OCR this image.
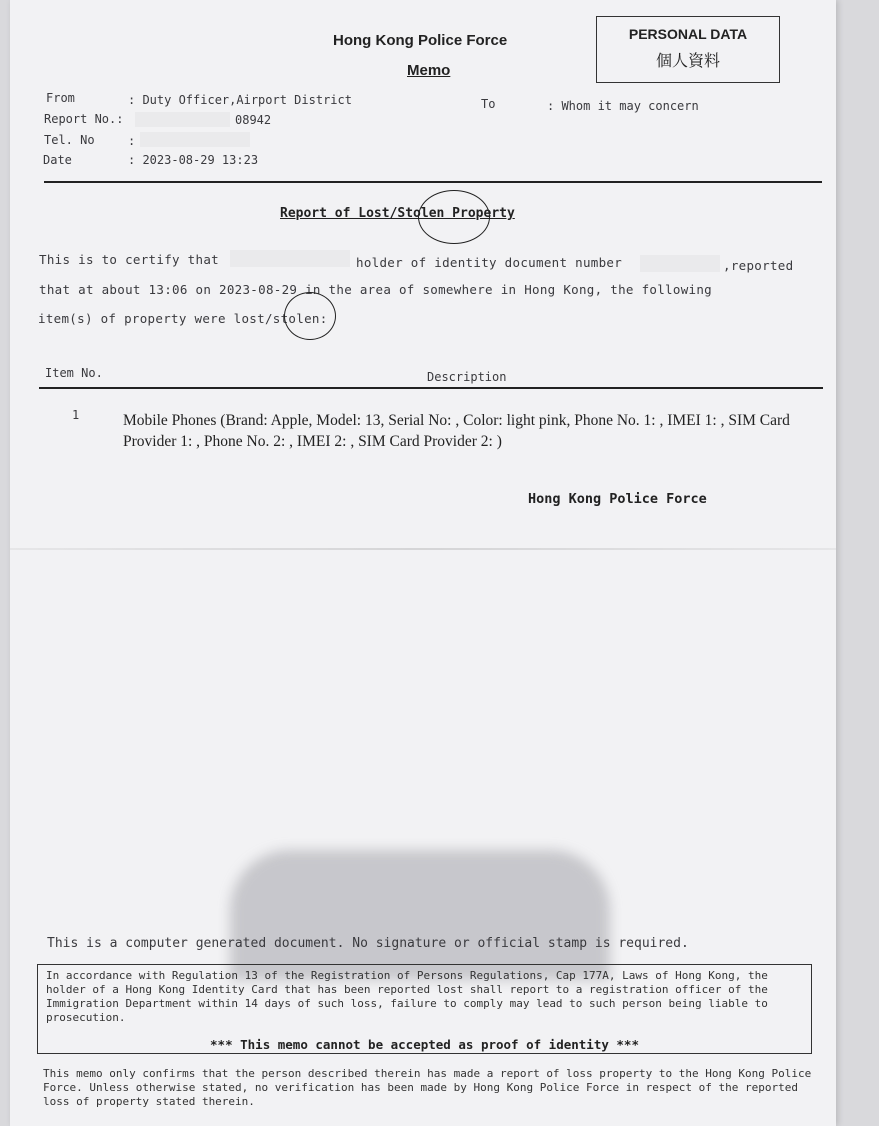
Hong Kong Police Force
Memo
PERSONAL DATA
個人資料
From	: Duty Officer,Airport District	To	: Whom it may concern
Report No.:	08942
Tel. No	:
Date	: 2023-08-29 13:23
Report of Lost/Stolen Property
This is to certify that	holder of identity document number	,reported
that at about 13:06 on 2023-08-29 in the area of somewhere in Hong Kong, the following
item(s) of property were lost/stolen:
Item No.	Description
1	Mobile Phones (Brand: Apple, Model: 13, Serial No: , Color: light pink, Phone No. 1: , IMEI 1: , SIM Card Provider 1: , Phone No. 2: , IMEI 2: , SIM Card Provider 2: )
Hong Kong Police Force
This is a computer generated document. No signature or official stamp is required.
In accordance with Regulation 13 of the Registration of Persons Regulations, Cap 177A, Laws of Hong Kong, the holder of a Hong Kong Identity Card that has been reported lost shall report to a registration officer of the Immigration Department within 14 days of such loss, failure to comply may lead to such person being liable to prosecution.
*** This memo cannot be accepted as proof of identity ***
This memo only confirms that the person described therein has made a report of loss property to the Hong Kong Police Force. Unless otherwise stated, no verification has been made by Hong Kong Police Force in respect of the reported loss of property stated therein.
